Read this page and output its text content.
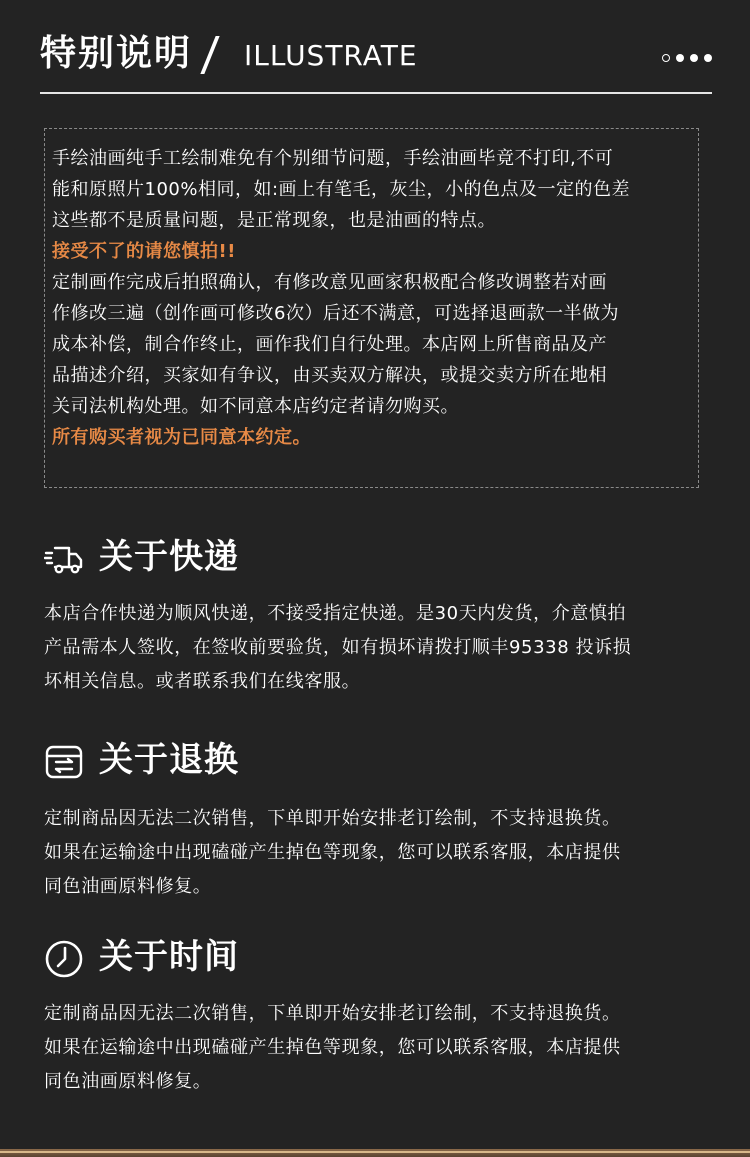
特别说明 ILLUSTRATE

手绘油画纯手工绘制难免有个别细节问题，手绘油画毕竟不打印,不可

能和原照片100%相同，如:画上有笔毛，灰尘，小的色点及一定的色差

这些都不是质量问题，是正常现象，也是油画的特点。

接受不了的请您慎拍!!

定制画作完成后拍照确认，有修改意见画家积极配合修改调整若对画

作修改三遍（创作画可修改6次）后还不满意，可选择退画款一半做为

成本补偿，制合作终止，画作我们自行处理。本店网上所售商品及产

品描述介绍，买家如有争议，由买卖双方解决，或提交卖方所在地相

关司法机构处理。如不同意本店约定者请勿购买。

所有购买者视为已同意本约定。

关于快递

本店合作快递为顺风快递，不接受指定快递。是30天内发货，介意慎拍

产品需本人签收，在签收前要验货，如有损坏请拨打顺丰95338 投诉损

坏相关信息。或者联系我们在线客服。

关于退换

定制商品因无法二次销售，下单即开始安排老订绘制，不支持退换货。

如果在运输途中出现磕碰产生掉色等现象，您可以联系客服，本店提供

同色油画原料修复。

关于时间

定制商品因无法二次销售，下单即开始安排老订绘制，不支持退换货。

如果在运输途中出现磕碰产生掉色等现象，您可以联系客服，本店提供

同色油画原料修复。
